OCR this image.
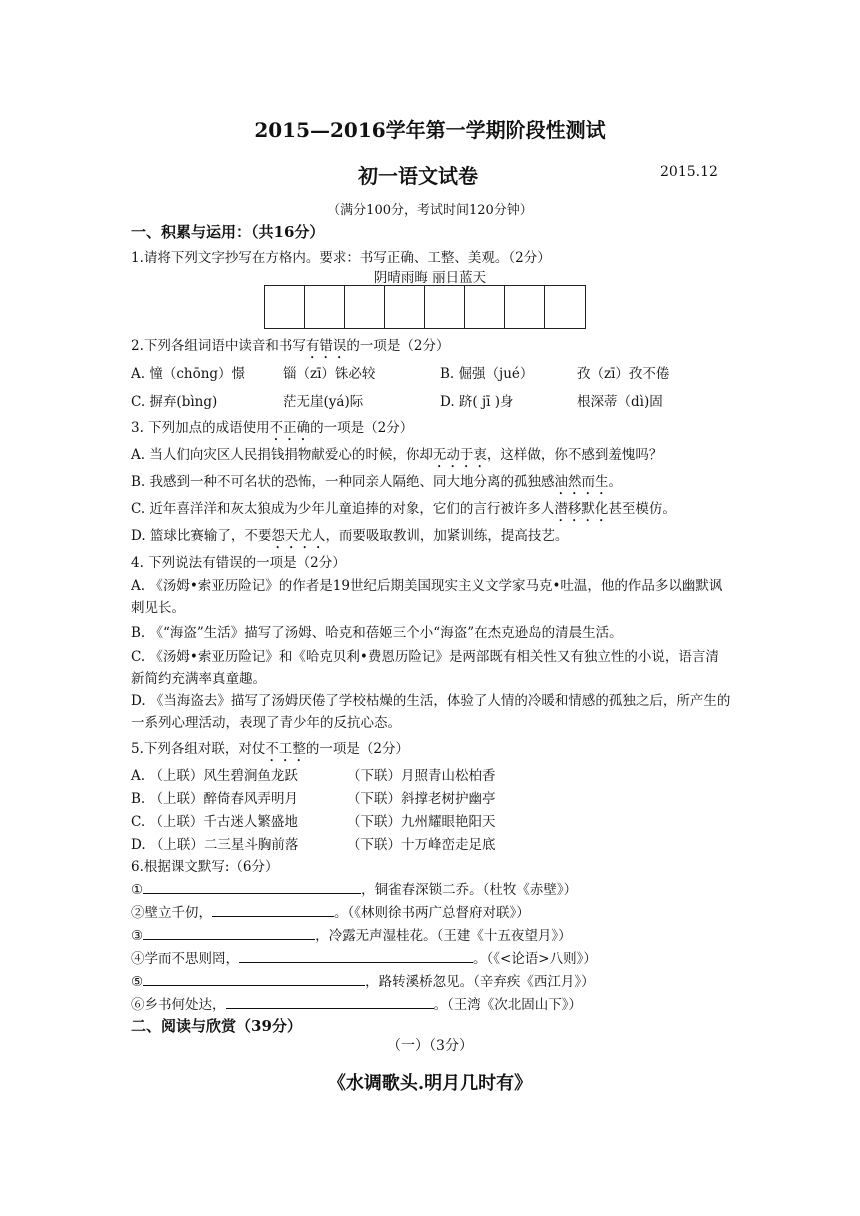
2015—2016学年第一学期阶段性测试
初一语文试卷	2015.12
（满分100分，考试时间120分钟）
一、积累与运用：（共16分）
1.请将下列文字抄写在方格内。要求：书写正确、工整、美观。（2分）
阴晴雨晦 丽日蓝天
2.下列各组词语中读音和书写有错误的一项是（2分）
A. 憧（chōng）憬	锱（zī）铢必较	B. 倔强（jué）	孜（zī）孜不倦
C. 摒弃(bìng)	茫无崖(yá)际	D. 跻( jī )身	根深蒂（dì)固
3. 下列加点的成语使用不正确的一项是（2分）
A. 当人们向灾区人民捐钱捐物献爱心的时候，你却无动于衷，这样做，你不感到羞愧吗？
B. 我感到一种不可名状的恐怖，一种同亲人隔绝、同大地分离的孤独感油然而生。
C. 近年喜洋洋和灰太狼成为少年儿童追捧的对象，它们的言行被许多人潜移默化甚至模仿。
D. 篮球比赛输了，不要怨天尤人，而要吸取教训，加紧训练，提高技艺。
4. 下列说法有错误的一项是（2分）
A. 《汤姆•索亚历险记》的作者是19世纪后期美国现实主义文学家马克•吐温，他的作品多以幽默讽刺见长。
B. 《“海盗”生活》描写了汤姆、哈克和蓓姬三个小“海盗”在杰克逊岛的清晨生活。
C. 《汤姆•索亚历险记》和《哈克贝利•费恩历险记》是两部既有相关性又有独立性的小说，语言清新简约充满率真童趣。
D. 《当海盗去》描写了汤姆厌倦了学校枯燥的生活，体验了人情的冷暖和情感的孤独之后，所产生的一系列心理活动，表现了青少年的反抗心态。
5.下列各组对联，对仗不工整的一项是（2分）
A. （上联）风生碧涧鱼龙跃	（下联）月照青山松柏香
B. （上联）醉倚春风弄明月	（下联）斜撑老树护幽亭
C. （上联）千古迷人繁盛地	（下联）九州耀眼艳阳天
D. （上联）二三星斗胸前落	（下联）十万峰峦走足底
6.根据课文默写:（6分）
①	，铜雀春深锁二乔。（杜牧《赤壁》）
②壁立千仞，	。（《林则徐书两广总督府对联》）
③	，冷露无声湿桂花。（王建《十五夜望月》）
④学而不思则罔，	。（《<论语>八则》）
⑤	，路转溪桥忽见。（辛弃疾《西江月》）
⑥乡书何处达，	。（王湾《次北固山下》）
二、阅读与欣赏（39分）
（一）（3分）
《水调歌头.明月几时有》
